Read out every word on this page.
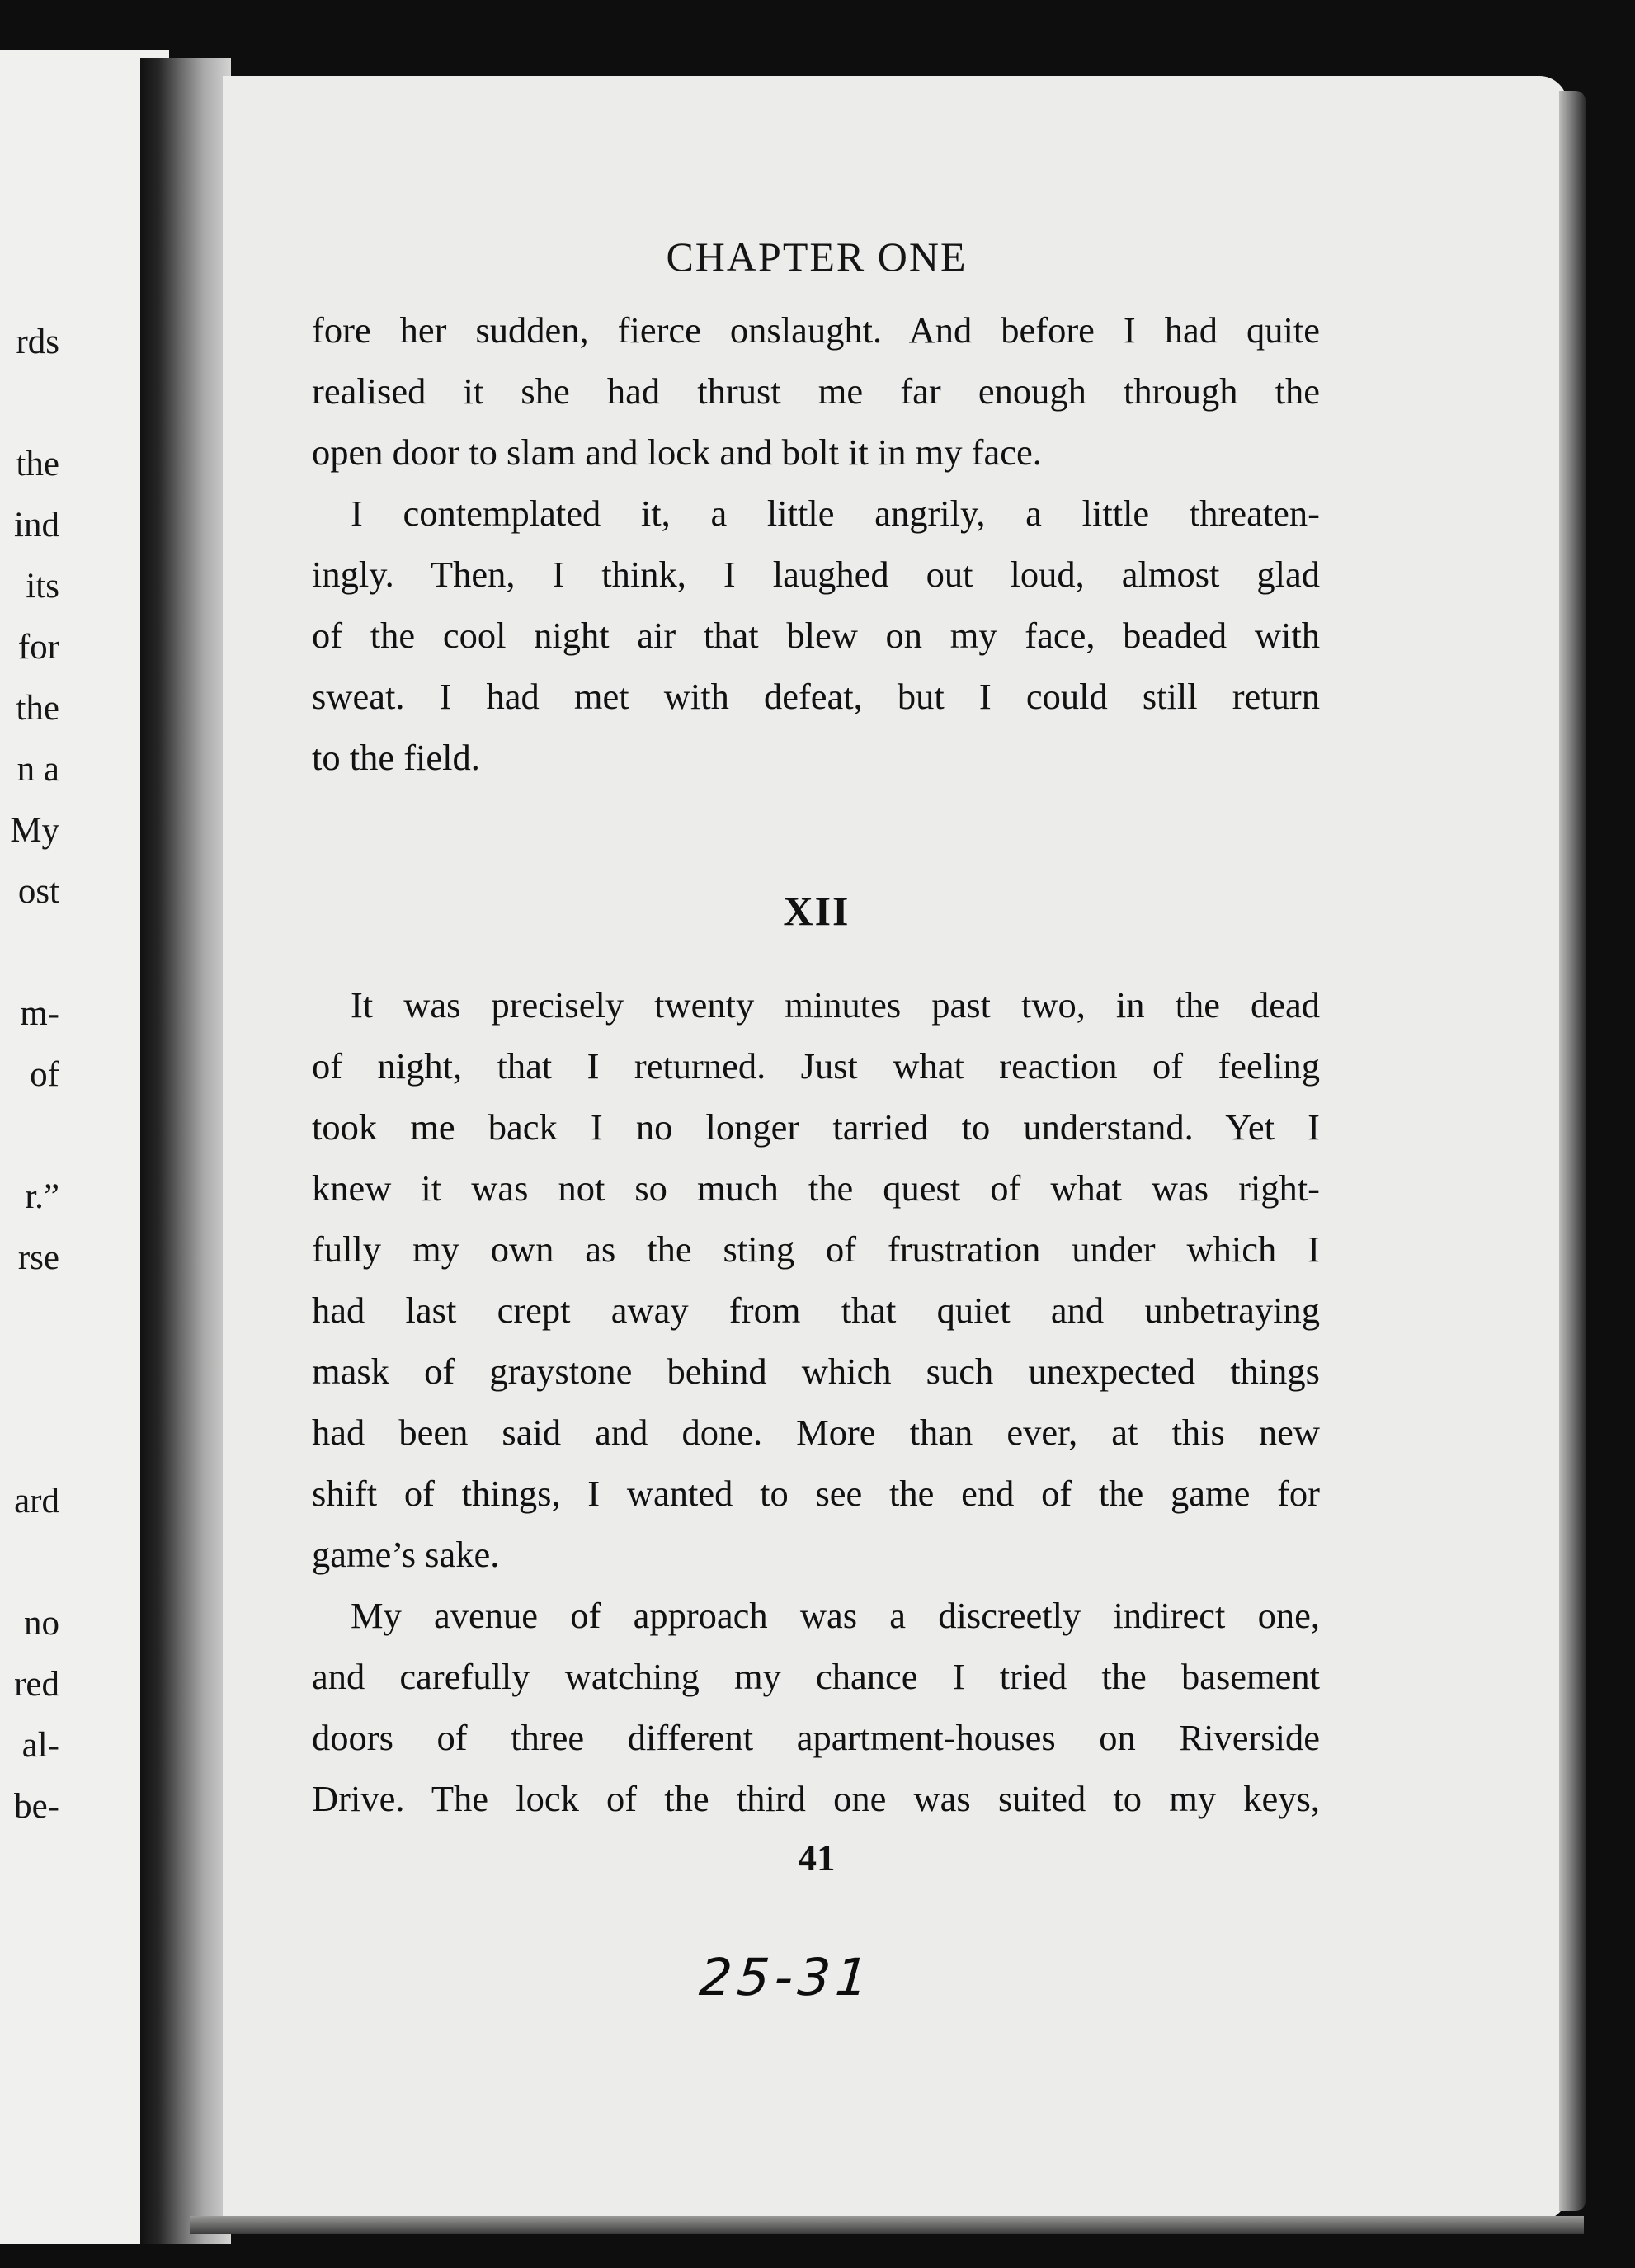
rds
the
ind
its
for
the
n a
My
ost
m-
of
r.”
rse
ard
no
red
al-
be-
CHAPTER ONE
fore her sudden, fierce onslaught. And before I had quite
realised it she had thrust me far enough through the
open door to slam and lock and bolt it in my face.
I contemplated it, a little angrily, a little threaten-
ingly. Then, I think, I laughed out loud, almost glad
of the cool night air that blew on my face, beaded with
sweat. I had met with defeat, but I could still return
to the field.
XII
It was precisely twenty minutes past two, in the dead
of night, that I returned. Just what reaction of feeling
took me back I no longer tarried to understand. Yet I
knew it was not so much the quest of what was right-
fully my own as the sting of frustration under which I
had last crept away from that quiet and unbetraying
mask of graystone behind which such unexpected things
had been said and done. More than ever, at this new
shift of things, I wanted to see the end of the game for
game’s sake.
My avenue of approach was a discreetly indirect one,
and carefully watching my chance I tried the basement
doors of three different apartment-houses on Riverside
Drive. The lock of the third one was suited to my keys,
41
25-31
